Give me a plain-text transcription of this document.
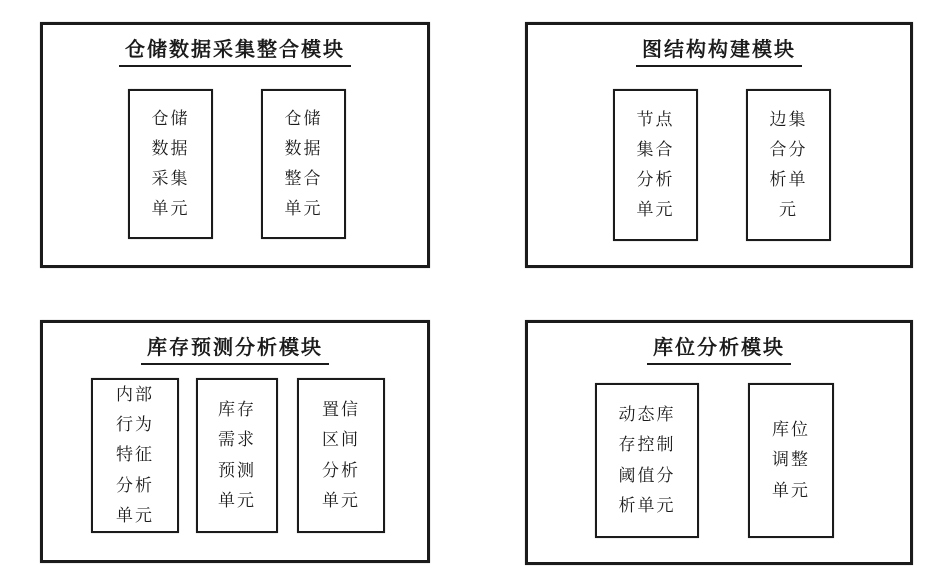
仓储数据采集整合模块
仓储
数据
采集
单元
仓储
数据
整合
单元
图结构构建模块
节点
集合
分析
单元
边集
合分
析单
元
库存预测分析模块
内部
行为
特征
分析
单元
库存
需求
预测
单元
置信
区间
分析
单元
库位分析模块
动态库
存控制
阈值分
析单元
库位
调整
单元
